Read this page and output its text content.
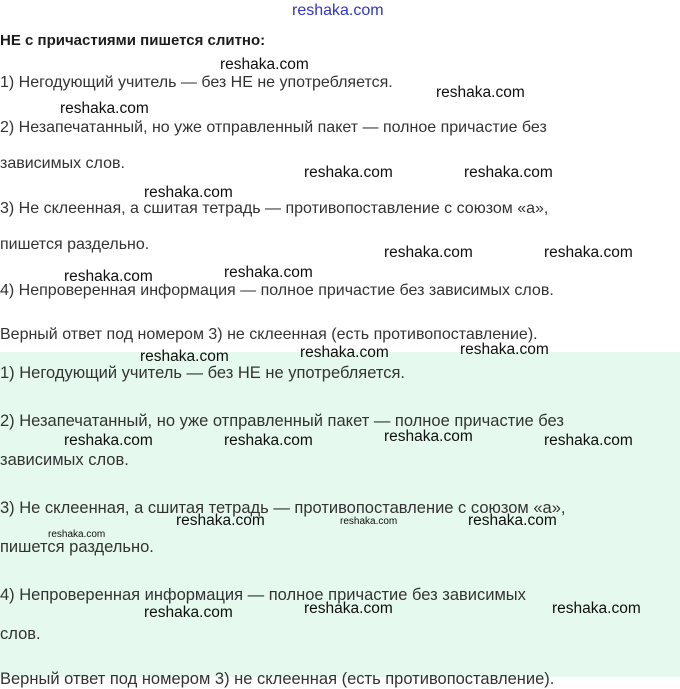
reshaka.com
НЕ с причастиями пишется слитно:
1) Негодующий учитель — без НЕ не употребляется.
2) Незапечатанный, но уже отправленный пакет — полное причастие без
зависимых слов.
3) Не склеенная, а сшитая тетрадь — противопоставление с союзом «а»,
пишется раздельно.
4) Непроверенная информация — полное причастие без зависимых слов.
Верный ответ под номером 3) не склеенная (есть противопоставление).
1) Негодующий учитель — без НЕ не употребляется.
2) Незапечатанный, но уже отправленный пакет — полное причастие без
зависимых слов.
3) Не склеенная, а сшитая тетрадь — противопоставление с союзом «а»,
пишется раздельно.
4) Непроверенная информация — полное причастие без зависимых
слов.
Верный ответ под номером 3) не склеенная (есть противопоставление).
reshaka.com
reshaka.com
reshaka.com
reshaka.com	reshaka.com
reshaka.com
reshaka.com	reshaka.com
reshaka.com
reshaka.com
reshaka.com
reshaka.com
reshaka.com
reshaka.com
reshaka.com	reshaka.com	reshaka.com
reshaka.com	reshaka.com
reshaka.com
reshaka.com
reshaka.com	reshaka.com
reshaka.com
